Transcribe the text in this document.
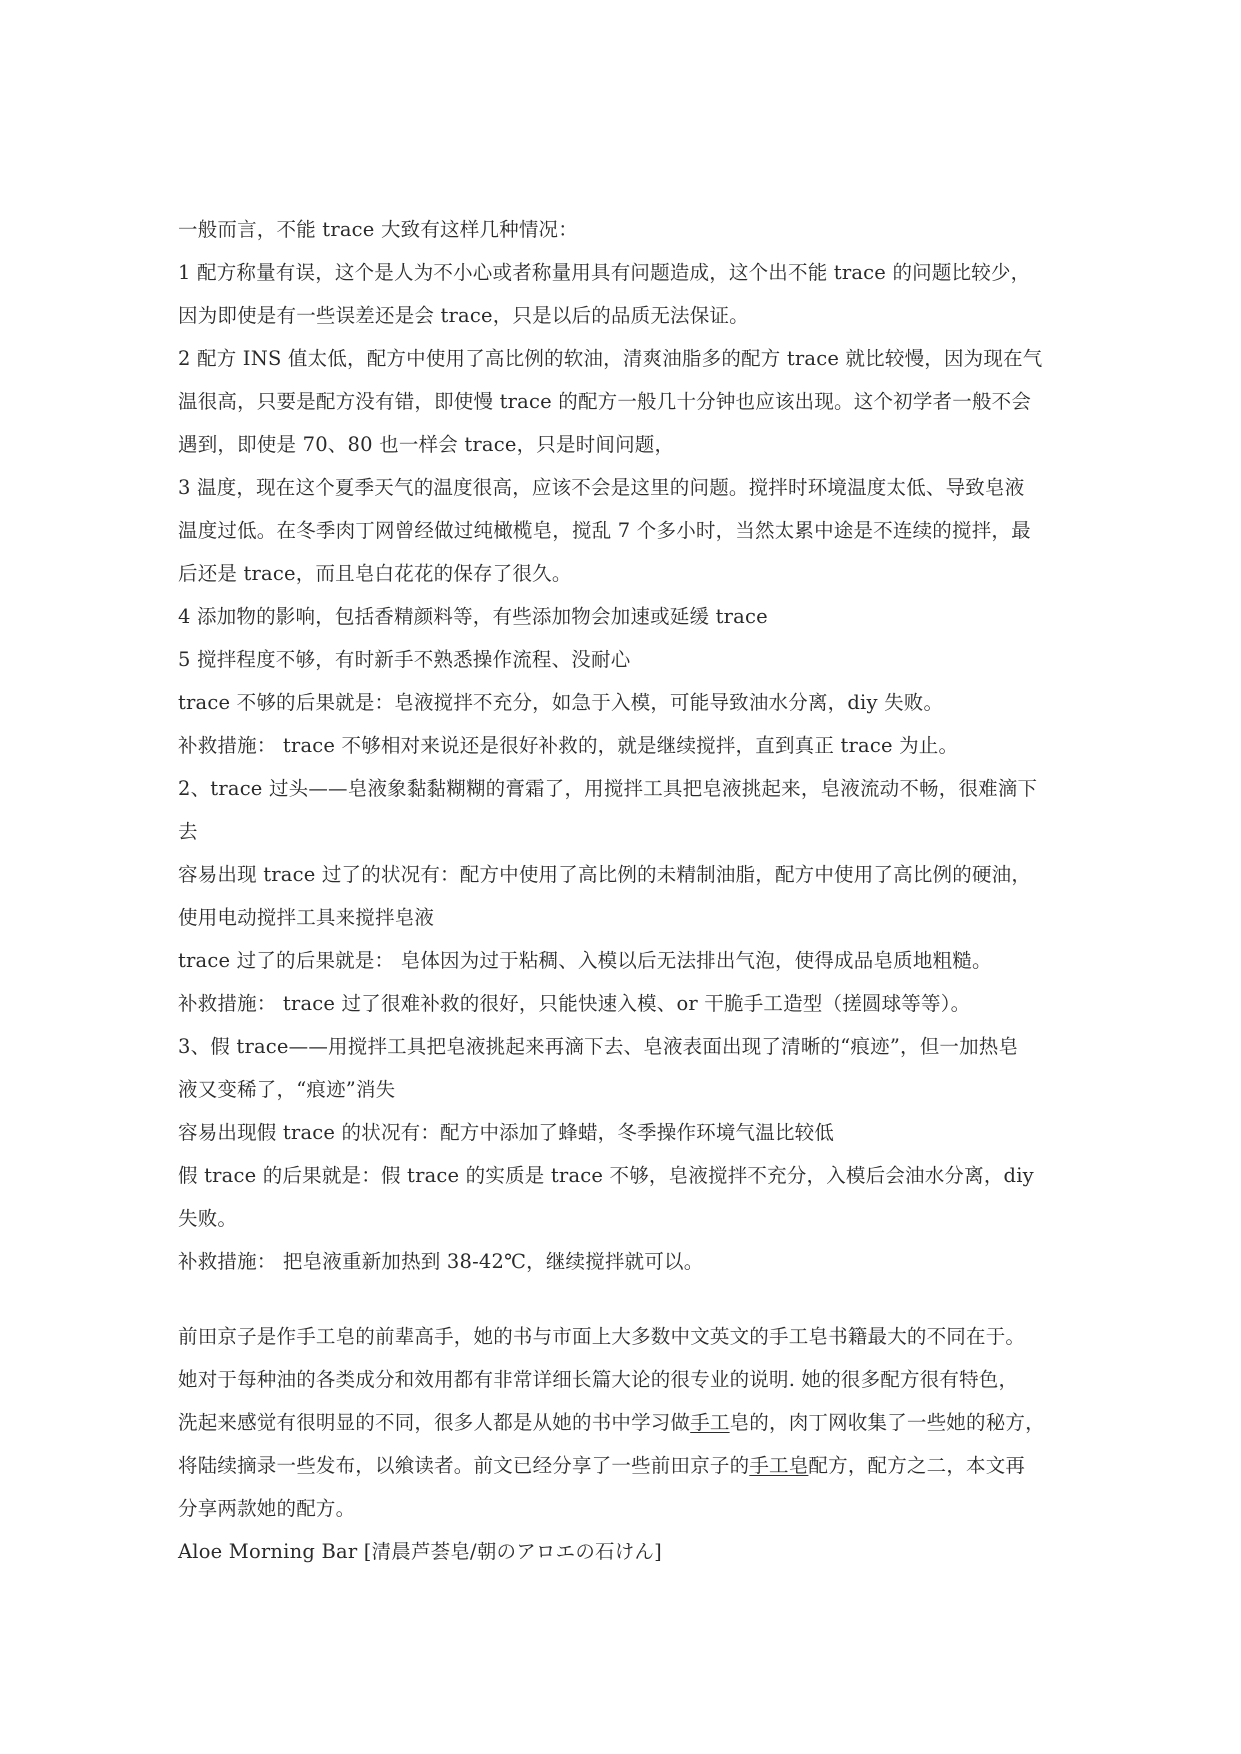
一般而言，不能 trace 大致有这样几种情况：
1 配方称量有误，这个是人为不小心或者称量用具有问题造成，这个出不能 trace 的问题比较少，
因为即使是有一些误差还是会 trace，只是以后的品质无法保证。
2 配方 INS 值太低，配方中使用了高比例的软油，清爽油脂多的配方 trace 就比较慢，因为现在气
温很高，只要是配方没有错，即使慢 trace 的配方一般几十分钟也应该出现。这个初学者一般不会
遇到，即使是 70、80 也一样会 trace，只是时间问题，
3 温度，现在这个夏季天气的温度很高，应该不会是这里的问题。搅拌时环境温度太低、导致皂液
温度过低。在冬季肉丁网曾经做过纯橄榄皂，搅乱 7 个多小时，当然太累中途是不连续的搅拌，最
后还是 trace，而且皂白花花的保存了很久。
4 添加物的影响，包括香精颜料等，有些添加物会加速或延缓 trace
5 搅拌程度不够，有时新手不熟悉操作流程、没耐心
trace 不够的后果就是：皂液搅拌不充分，如急于入模，可能导致油水分离，diy 失败。
补救措施： trace 不够相对来说还是很好补救的，就是继续搅拌，直到真正 trace 为止。
2、trace 过头——皂液象黏黏糊糊的膏霜了，用搅拌工具把皂液挑起来，皂液流动不畅，很难滴下
去
容易出现 trace 过了的状况有：配方中使用了高比例的未精制油脂，配方中使用了高比例的硬油，
使用电动搅拌工具来搅拌皂液
trace 过了的后果就是： 皂体因为过于粘稠、入模以后无法排出气泡，使得成品皂质地粗糙。
补救措施： trace 过了很难补救的很好，只能快速入模、or 干脆手工造型（搓圆球等等）。
3、假 trace——用搅拌工具把皂液挑起来再滴下去、皂液表面出现了清晰的“痕迹”，但一加热皂
液又变稀了，“痕迹”消失
容易出现假 trace 的状况有：配方中添加了蜂蜡，冬季操作环境气温比较低
假 trace 的后果就是：假 trace 的实质是 trace 不够，皂液搅拌不充分，入模后会油水分离，diy
失败。
补救措施： 把皂液重新加热到 38-42℃，继续搅拌就可以。
前田京子是作手工皂的前辈高手，她的书与市面上大多数中文英文的手工皂书籍最大的不同在于。
她对于每种油的各类成分和效用都有非常详细长篇大论的很专业的说明. 她的很多配方很有特色，
洗起来感觉有很明显的不同，很多人都是从她的书中学习做手工皂的，肉丁网收集了一些她的秘方，
将陆续摘录一些发布，以飨读者。前文已经分享了一些前田京子的手工皂配方，配方之二，本文再
分享两款她的配方。
Aloe Morning Bar [清晨芦荟皂/朝のアロエの石けん]
